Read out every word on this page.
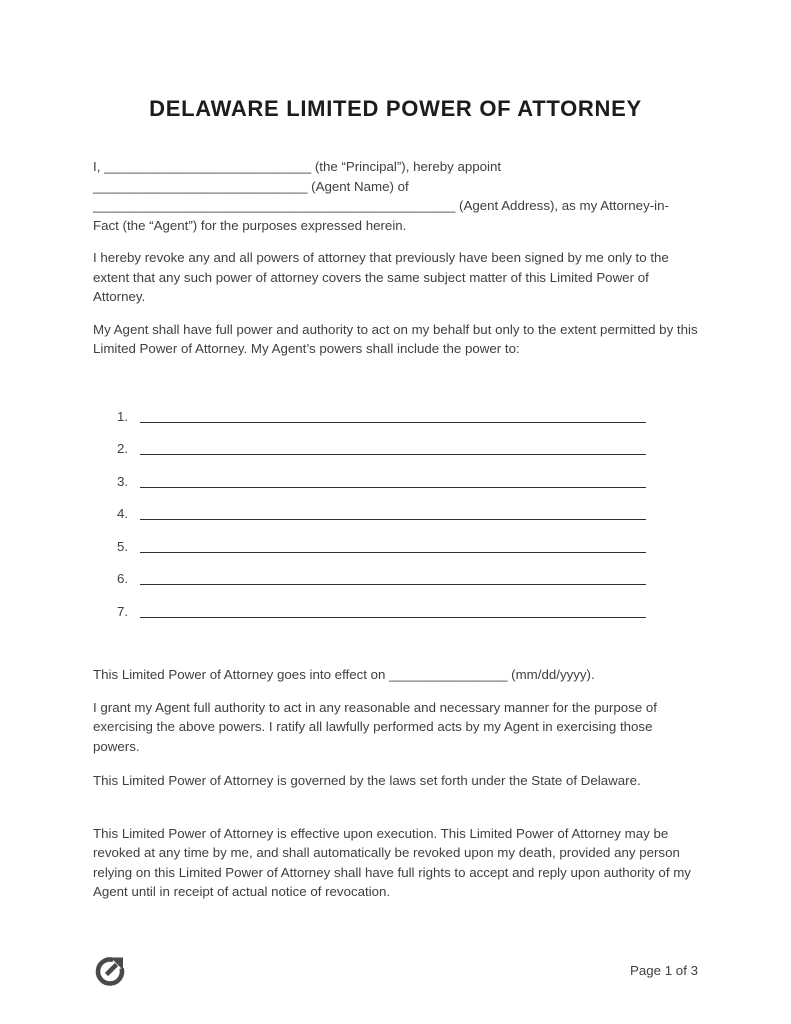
DELAWARE LIMITED POWER OF ATTORNEY
I, ____________________________ (the “Principal”), hereby appoint
_____________________________ (Agent Name) of
_________________________________________________ (Agent Address), as my Attorney-in-
Fact (the “Agent”) for the purposes expressed herein.

I hereby revoke any and all powers of attorney that previously have been signed by me only to the extent that any such power of attorney covers the same subject matter of this Limited Power of Attorney.

My Agent shall have full power and authority to act on my behalf but only to the extent permitted by this Limited Power of Attorney. My Agent’s powers shall include the power to:

1.
2.
3.
4.
5.
6.
7.

This Limited Power of Attorney goes into effect on ________________ (mm/dd/yyyy).

I grant my Agent full authority to act in any reasonable and necessary manner for the purpose of exercising the above powers. I ratify all lawfully performed acts by my Agent in exercising those powers.

This Limited Power of Attorney is governed by the laws set forth under the State of Delaware.

This Limited Power of Attorney is effective upon execution. This Limited Power of Attorney may be revoked at any time by me, and shall automatically be revoked upon my death, provided any person relying on this Limited Power of Attorney shall have full rights to accept and reply upon authority of my Agent until in receipt of actual notice of revocation.

Page 1 of 3
